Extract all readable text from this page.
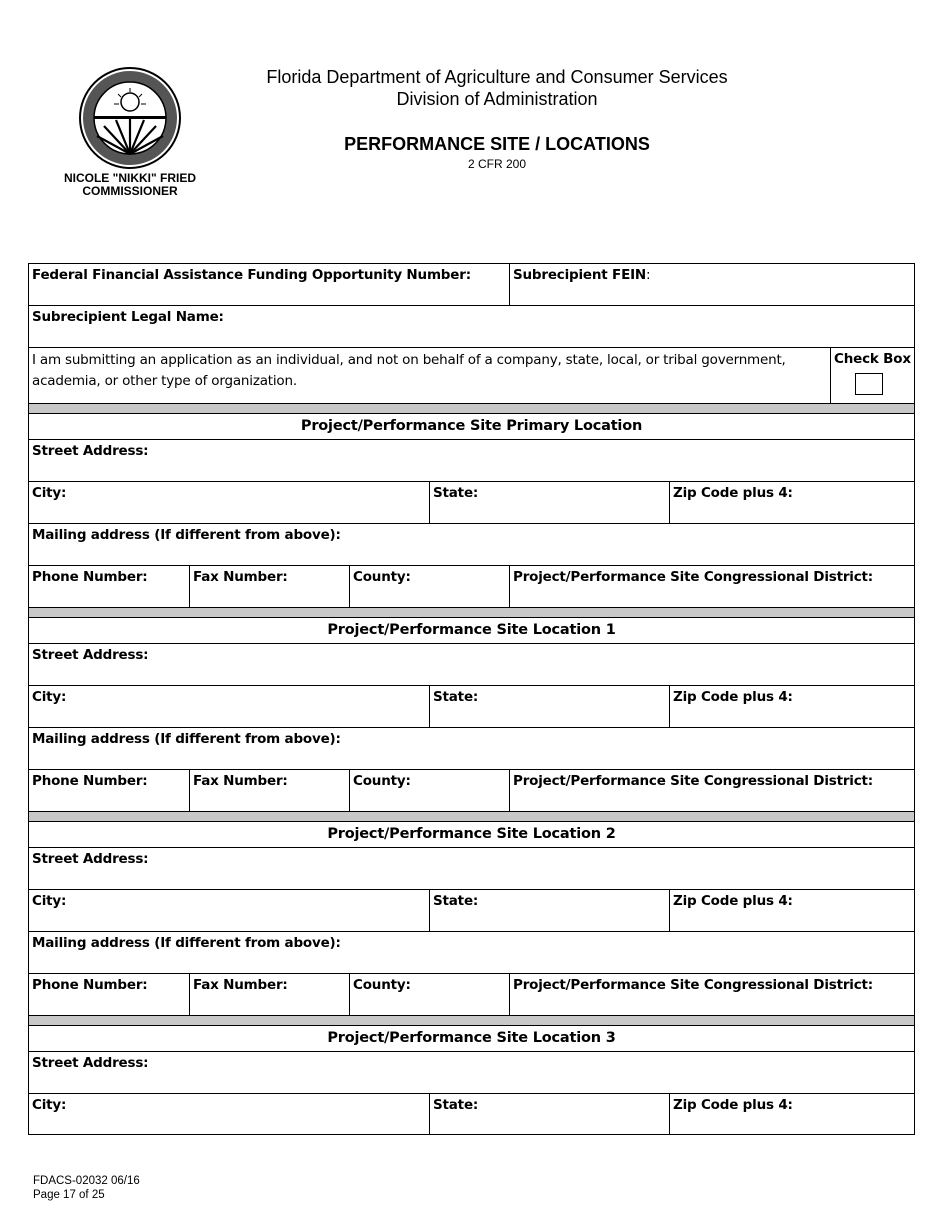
NICOLE "NIKKI" FRIED
COMMISSIONER
Florida Department of Agriculture and Consumer Services
Division of Administration
PERFORMANCE SITE / LOCATIONS
2 CFR 200
Federal Financial Assistance Funding Opportunity Number:	Subrecipient FEIN:
Subrecipient Legal Name:
I am submitting an application as an individual, and not on behalf of a company, state, local, or tribal government, academia, or other type of organization.
Check Box
Project/Performance Site Primary Location
Street Address:
City:	State:	Zip Code plus 4:
Mailing address (If different from above):
Phone Number:	Fax Number:	County:	Project/Performance Site Congressional District:
Project/Performance Site Location 1
Street Address:
City:	State:	Zip Code plus 4:
Mailing address (If different from above):
Phone Number:	Fax Number:	County:	Project/Performance Site Congressional District:
Project/Performance Site Location 2
Street Address:
City:	State:	Zip Code plus 4:
Mailing address (If different from above):
Phone Number:	Fax Number:	County:	Project/Performance Site Congressional District:
Project/Performance Site Location 3
Street Address:
City:	State:	Zip Code plus 4:
FDACS-02032 06/16
Page 17 of 25
